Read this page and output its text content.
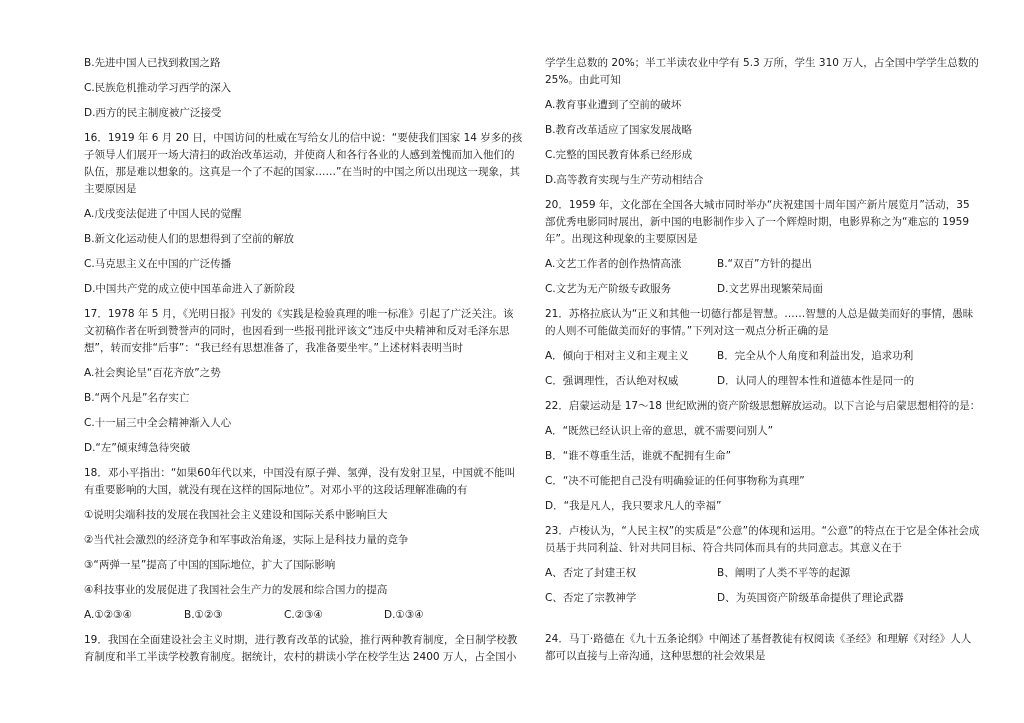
B.先进中国人已找到救国之路

C.民族危机推动学习西学的深入

D.西方的民主制度被广泛接受

16．1919 年 6 月 20 日，中国访问的杜威在写给女儿的信中说：“要使我们国家 14 岁多的孩子领导人们展开一场大清扫的政治改革运动，并使商人和各行各业的人感到羞愧而加入他们的队伍，那是难以想象的。这真是一个了不起的国家……”在当时的中国之所以出现这一现象，其主要原因是

A.戊戌变法促进了中国人民的觉醒

B.新文化运动使人们的思想得到了空前的解放

C.马克思主义在中国的广泛传播

D.中国共产党的成立使中国革命进入了新阶段

17．1978 年 5 月，《光明日报》刊发的《实践是检验真理的唯一标准》引起了广泛关注。该文初稿作者在听到赞誉声的同时，也因看到一些报刊批评该文“违反中央精神和反对毛泽东思想”，转而安排“后事”：“我已经有思想准备了，我准备要坐牢。”上述材料表明当时

A.社会舆论呈“百花齐放”之势

B.“两个凡是”名存实亡

C.十一届三中全会精神渐入人心

D.“左”倾束缚急待突破

18．邓小平指出：“如果60年代以来，中国没有原子弹、氢弹，没有发射卫星，中国就不能叫有重要影响的大国，就没有现在这样的国际地位”。对邓小平的这段话理解准确的有

①说明尖端科技的发展在我国社会主义建设和国际关系中影响巨大

②当代社会激烈的经济竞争和军事政治角逐，实际上是科技力量的竞争

③“两弹一星”提高了中国的国际地位，扩大了国际影响

④科技事业的发展促进了我国社会生产力的发展和综合国力的提高

A.①②③④	B.①②③	C.②③④	D.①③④

19．我国在全面建设社会主义时期，进行教育改革的试验，推行两种教育制度，全日制学校教育制度和半工半读学校教育制度。据统计，农村的耕读小学在校学生达 2400 万人，占全国小

学学生总数的 20%；半工半读农业中学有 5.3 万所，学生 310 万人，占全国中学学生总数的 25%。由此可知

A.教育事业遭到了空前的破坏

B.教育改革适应了国家发展战略

C.完整的国民教育体系已经形成

D.高等教育实现与生产劳动相结合

20．1959 年，文化部在全国各大城市同时举办“庆祝建国十周年国产新片展览月”活动，35 部优秀电影同时展出，新中国的电影制作步入了一个辉煌时期，电影界称之为“难忘的 1959 年”。出现这种现象的主要原因是

A.文艺工作者的创作热情高涨	B.“双百”方针的提出
C.文艺为无产阶级专政服务	D.文艺界出现繁荣局面

21．苏格拉底认为“正义和其他一切德行都是智慧。……智慧的人总是做美而好的事情，愚昧的人则不可能做美而好的事情。”下列对这一观点分析正确的是

A．倾向于相对主义和主观主义	B．完全从个人角度和利益出发，追求功利
C．强调理性，否认绝对权威	D．认同人的理智本性和道德本性是同一的

22．启蒙运动是 17～18 世纪欧洲的资产阶级思想解放运动。以下言论与启蒙思想相符的是：

A．“既然已经认识上帝的意思，就不需要问别人”

B．“谁不尊重生活，谁就不配拥有生命”

C．“决不可能把自己没有明确验证的任何事物称为真理”

D．“我是凡人，我只要求凡人的幸福”

23．卢梭认为，“人民主权”的实质是“公意”的体现和运用。“公意”的特点在于它是全体社会成员基于共同利益、针对共同目标、符合共同体而具有的共同意志。其意义在于

A、否定了封建王权	B、阐明了人类不平等的起源
C、否定了宗教神学	D、为英国资产阶级革命提供了理论武器

24．马丁·路德在《九十五条论纲》中阐述了基督教徒有权阅读《圣经》和理解《对经》人人都可以直接与上帝沟通，这种思想的社会效果是
